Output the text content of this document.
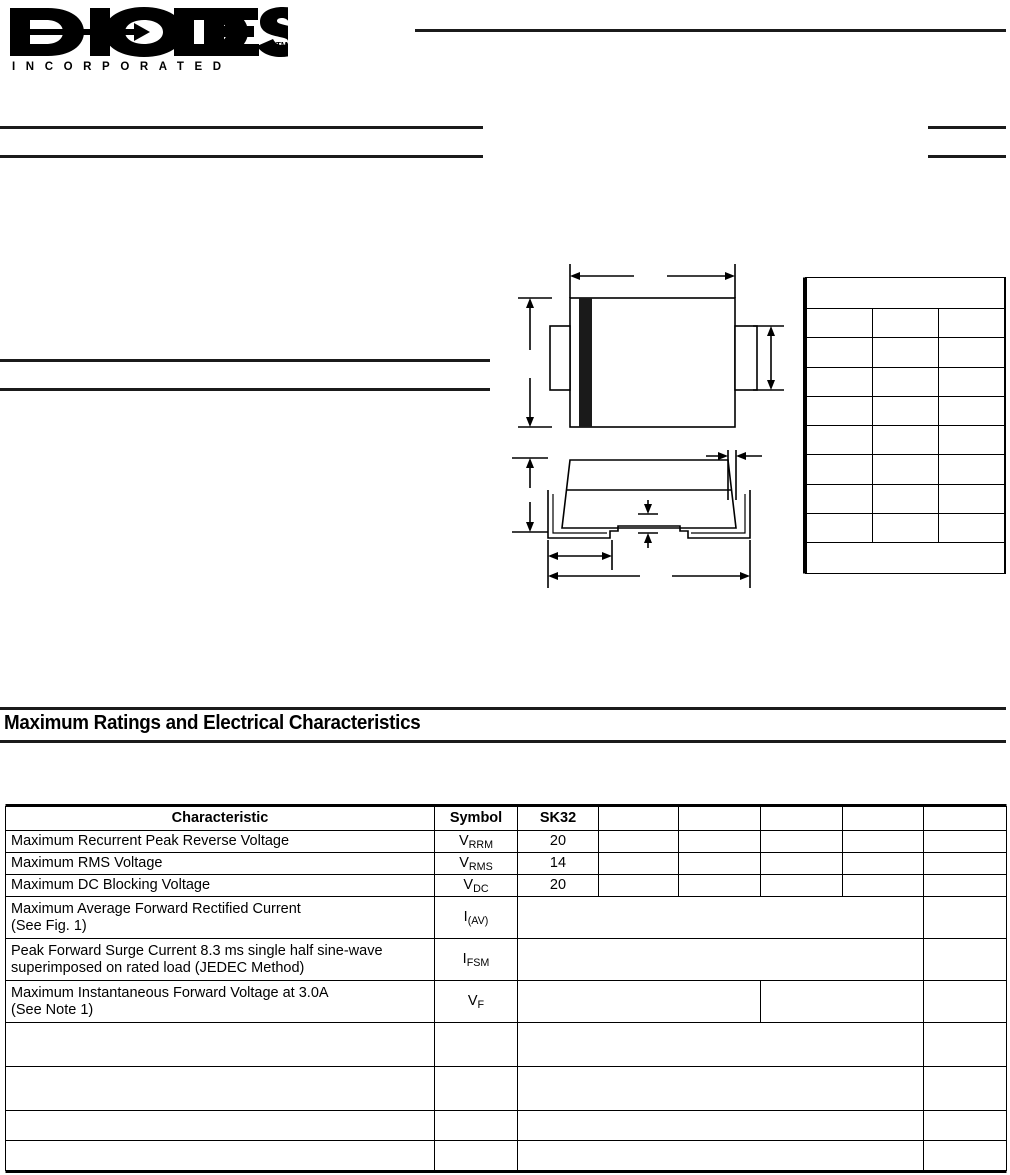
TM
INCORPORATED
Maximum Ratings and Electrical Characteristics

Characteristic	Symbol	SK32					
Maximum Recurrent Peak Reverse Voltage	$V_{RRM}$	20					
Maximum RMS Voltage	$V_{RMS}$	14					
Maximum DC Blocking Voltage	$V_{DC}$	20					
Maximum Average Forward Rectified Current
(See Fig. 1)	$I_{(AV)}$		
Peak Forward Surge Current 8.3 ms single half sine-wave
superimposed on rated load (JEDEC Method)	$I_{FSM}$		
Maximum Instantaneous Forward Voltage at 3.0A
(See Note 1)	$V_F$			
